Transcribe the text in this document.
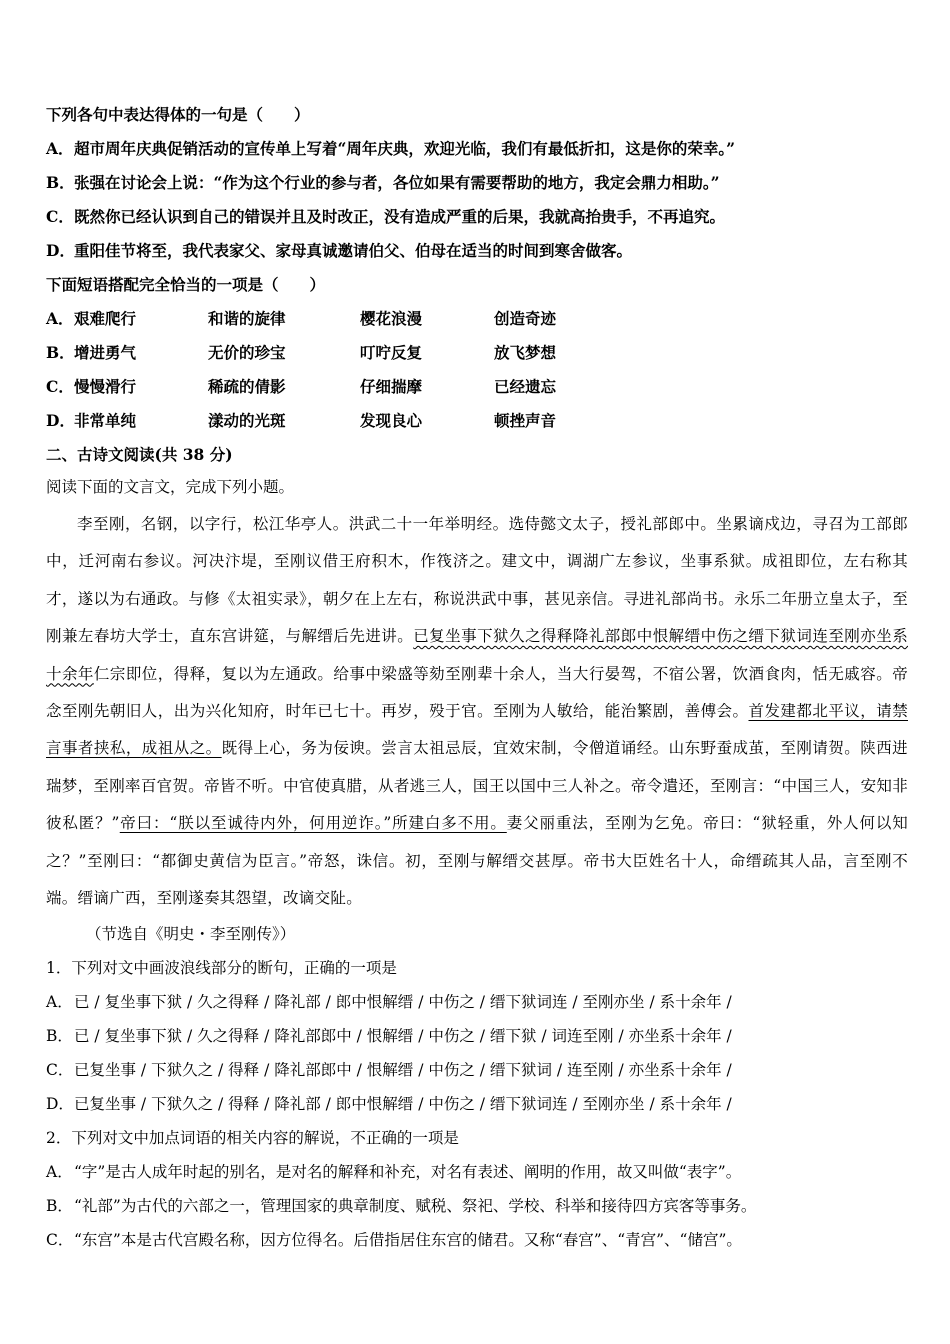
下列各句中表达得体的一句是（　　）
A．超市周年庆典促销活动的宣传单上写着“周年庆典，欢迎光临，我们有最低折扣，这是你的荣幸。”
B．张强在讨论会上说：“作为这个行业的参与者，各位如果有需要帮助的地方，我定会鼎力相助。”
C．既然你已经认识到自己的错误并且及时改正，没有造成严重的后果，我就高抬贵手，不再追究。
D．重阳佳节将至，我代表家父、家母真诚邀请伯父、伯母在适当的时间到寒舍做客。
下面短语搭配完全恰当的一项是（　　）
A．艰难爬行	和谐的旋律	樱花浪漫	创造奇迹
B．增进勇气	无价的珍宝	叮咛反复	放飞梦想
C．慢慢滑行	稀疏的倩影	仔细揣摩	已经遗忘
D．非常单纯	漾动的光斑	发现良心	顿挫声音
二、古诗文阅读(共 38 分)
阅读下面的文言文，完成下列小题。
李至刚，名钢，以字行，松江华亭人。洪武二十一年举明经。选侍懿文太子，授礼部郎中。坐累谪戍边，寻召为工部郎中，迁河南右参议。河决汴堤，至刚议借王府积木，作筏济之。建文中，调湖广左参议，坐事系狱。成祖即位，左右称其才，遂以为右通政。与修《太祖实录》，朝夕在上左右，称说洪武中事，甚见亲信。寻进礼部尚书。永乐二年册立皇太子，至刚兼左春坊大学士，直东宫讲筵，与解缙后先进讲。已复坐事下狱久之得释降礼部郎中恨解缙中伤之缙下狱词连至刚亦坐系十余年仁宗即位，得释，复以为左通政。给事中梁盛等劾至刚辈十余人，当大行晏驾，不宿公署，饮酒食肉，恬无戚容。帝念至刚先朝旧人，出为兴化知府，时年已七十。再岁，殁于官。至刚为人敏给，能治繁剧，善傅会。首发建都北平议，请禁言事者挟私，成祖从之。既得上心，务为佞谀。尝言太祖忌辰，宜效宋制，令僧道诵经。山东野蚕成茧，至刚请贺。陕西进瑞梦，至刚率百官贺。帝皆不听。中官使真腊，从者逃三人，国王以国中三人补之。帝令遣还，至刚言：“中国三人，安知非彼私匿？”帝曰：“朕以至诚待内外，何用逆诈。”所建白多不用。妻父丽重法，至刚为乞免。帝曰：“狱轻重，外人何以知之？”至刚曰：“都御史黄信为臣言。”帝怒，诛信。初，至刚与解缙交甚厚。帝书大臣姓名十人，命缙疏其人品，言至刚不端。缙谪广西，至刚遂奏其怨望，改谪交阯。
（节选自《明史・李至刚传》）
1．下列对文中画波浪线部分的断句，正确的一项是
A．已 / 复坐事下狱 / 久之得释 / 降礼部 / 郎中恨解缙 / 中伤之 / 缙下狱词连 / 至刚亦坐 / 系十余年 /
B．已 / 复坐事下狱 / 久之得释 / 降礼部郎中 / 恨解缙 / 中伤之 / 缙下狱 / 词连至刚 / 亦坐系十余年 /
C．已复坐事 / 下狱久之 / 得释 / 降礼部郎中 / 恨解缙 / 中伤之 / 缙下狱词 / 连至刚 / 亦坐系十余年 /
D．已复坐事 / 下狱久之 / 得释 / 降礼部 / 郎中恨解缙 / 中伤之 / 缙下狱词连 / 至刚亦坐 / 系十余年 /
2．下列对文中加点词语的相关内容的解说，不正确的一项是
A．“字”是古人成年时起的别名，是对名的解释和补充，对名有表述、阐明的作用，故又叫做“表字”。
B．“礼部”为古代的六部之一，管理国家的典章制度、赋税、祭祀、学校、科举和接待四方宾客等事务。
C．“东宫”本是古代宫殿名称，因方位得名。后借指居住东宫的储君。又称“春宫”、“青宫”、“储宫”。
